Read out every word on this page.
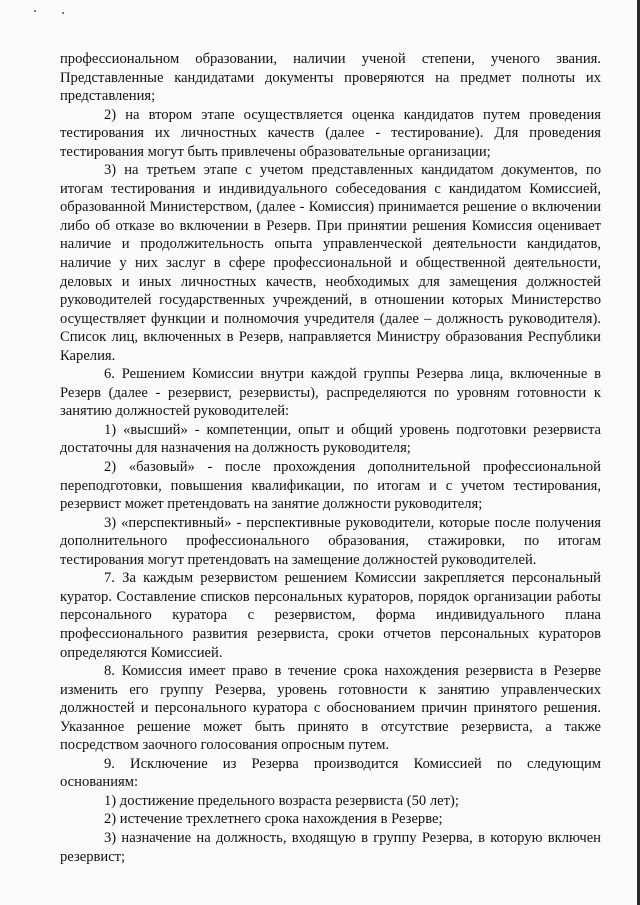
профессиональном образовании, наличии ученой степени, ученого звания. Представленные кандидатами документы проверяются на предмет полноты их представления;

2) на втором этапе осуществляется оценка кандидатов путем проведения тестирования их личностных качеств (далее - тестирование). Для проведения тестирования могут быть привлечены образовательные организации;

3) на третьем этапе с учетом представленных кандидатом документов, по итогам тестирования и индивидуального собеседования с кандидатом Комиссией, образованной Министерством, (далее - Комиссия) принимается решение о включении либо об отказе во включении в Резерв. При принятии решения Комиссия оценивает наличие и продолжительность опыта управленческой деятельности кандидатов, наличие у них заслуг в сфере профессиональной и общественной деятельности, деловых и иных личностных качеств, необходимых для замещения должностей руководителей государственных учреждений, в отношении которых Министерство осуществляет функции и полномочия учредителя (далее – должность руководителя). Список лиц, включенных в Резерв, направляется Министру образования Республики Карелия.

6. Решением Комиссии внутри каждой группы Резерва лица, включенные в Резерв (далее - резервист, резервисты), распределяются по уровням готовности к занятию должностей руководителей:

1) «высший» - компетенции, опыт и общий уровень подготовки резервиста достаточны для назначения на должность руководителя;

2) «базовый» - после прохождения дополнительной профессиональной переподготовки, повышения квалификации, по итогам и с учетом тестирования, резервист может претендовать на занятие должности руководителя;

3) «перспективный» - перспективные руководители, которые после получения дополнительного профессионального образования, стажировки, по итогам тестирования могут претендовать на замещение должностей руководителей.

7. За каждым резервистом решением Комиссии закрепляется персональный куратор. Составление списков персональных кураторов, порядок организации работы персонального куратора с резервистом, форма индивидуального плана профессионального развития резервиста, сроки отчетов персональных кураторов определяются Комиссией.

8. Комиссия имеет право в течение срока нахождения резервиста в Резерве изменить его группу Резерва, уровень готовности к занятию управленческих должностей и персонального куратора с обоснованием причин принятого решения. Указанное решение может быть принято в отсутствие резервиста, а также посредством заочного голосования опросным путем.

9. Исключение из Резерва производится Комиссией по следующим основаниям:

1) достижение предельного возраста резервиста (50 лет);

2) истечение трехлетнего срока нахождения в Резерве;

3) назначение на должность, входящую в группу Резерва, в которую включен резервист;
